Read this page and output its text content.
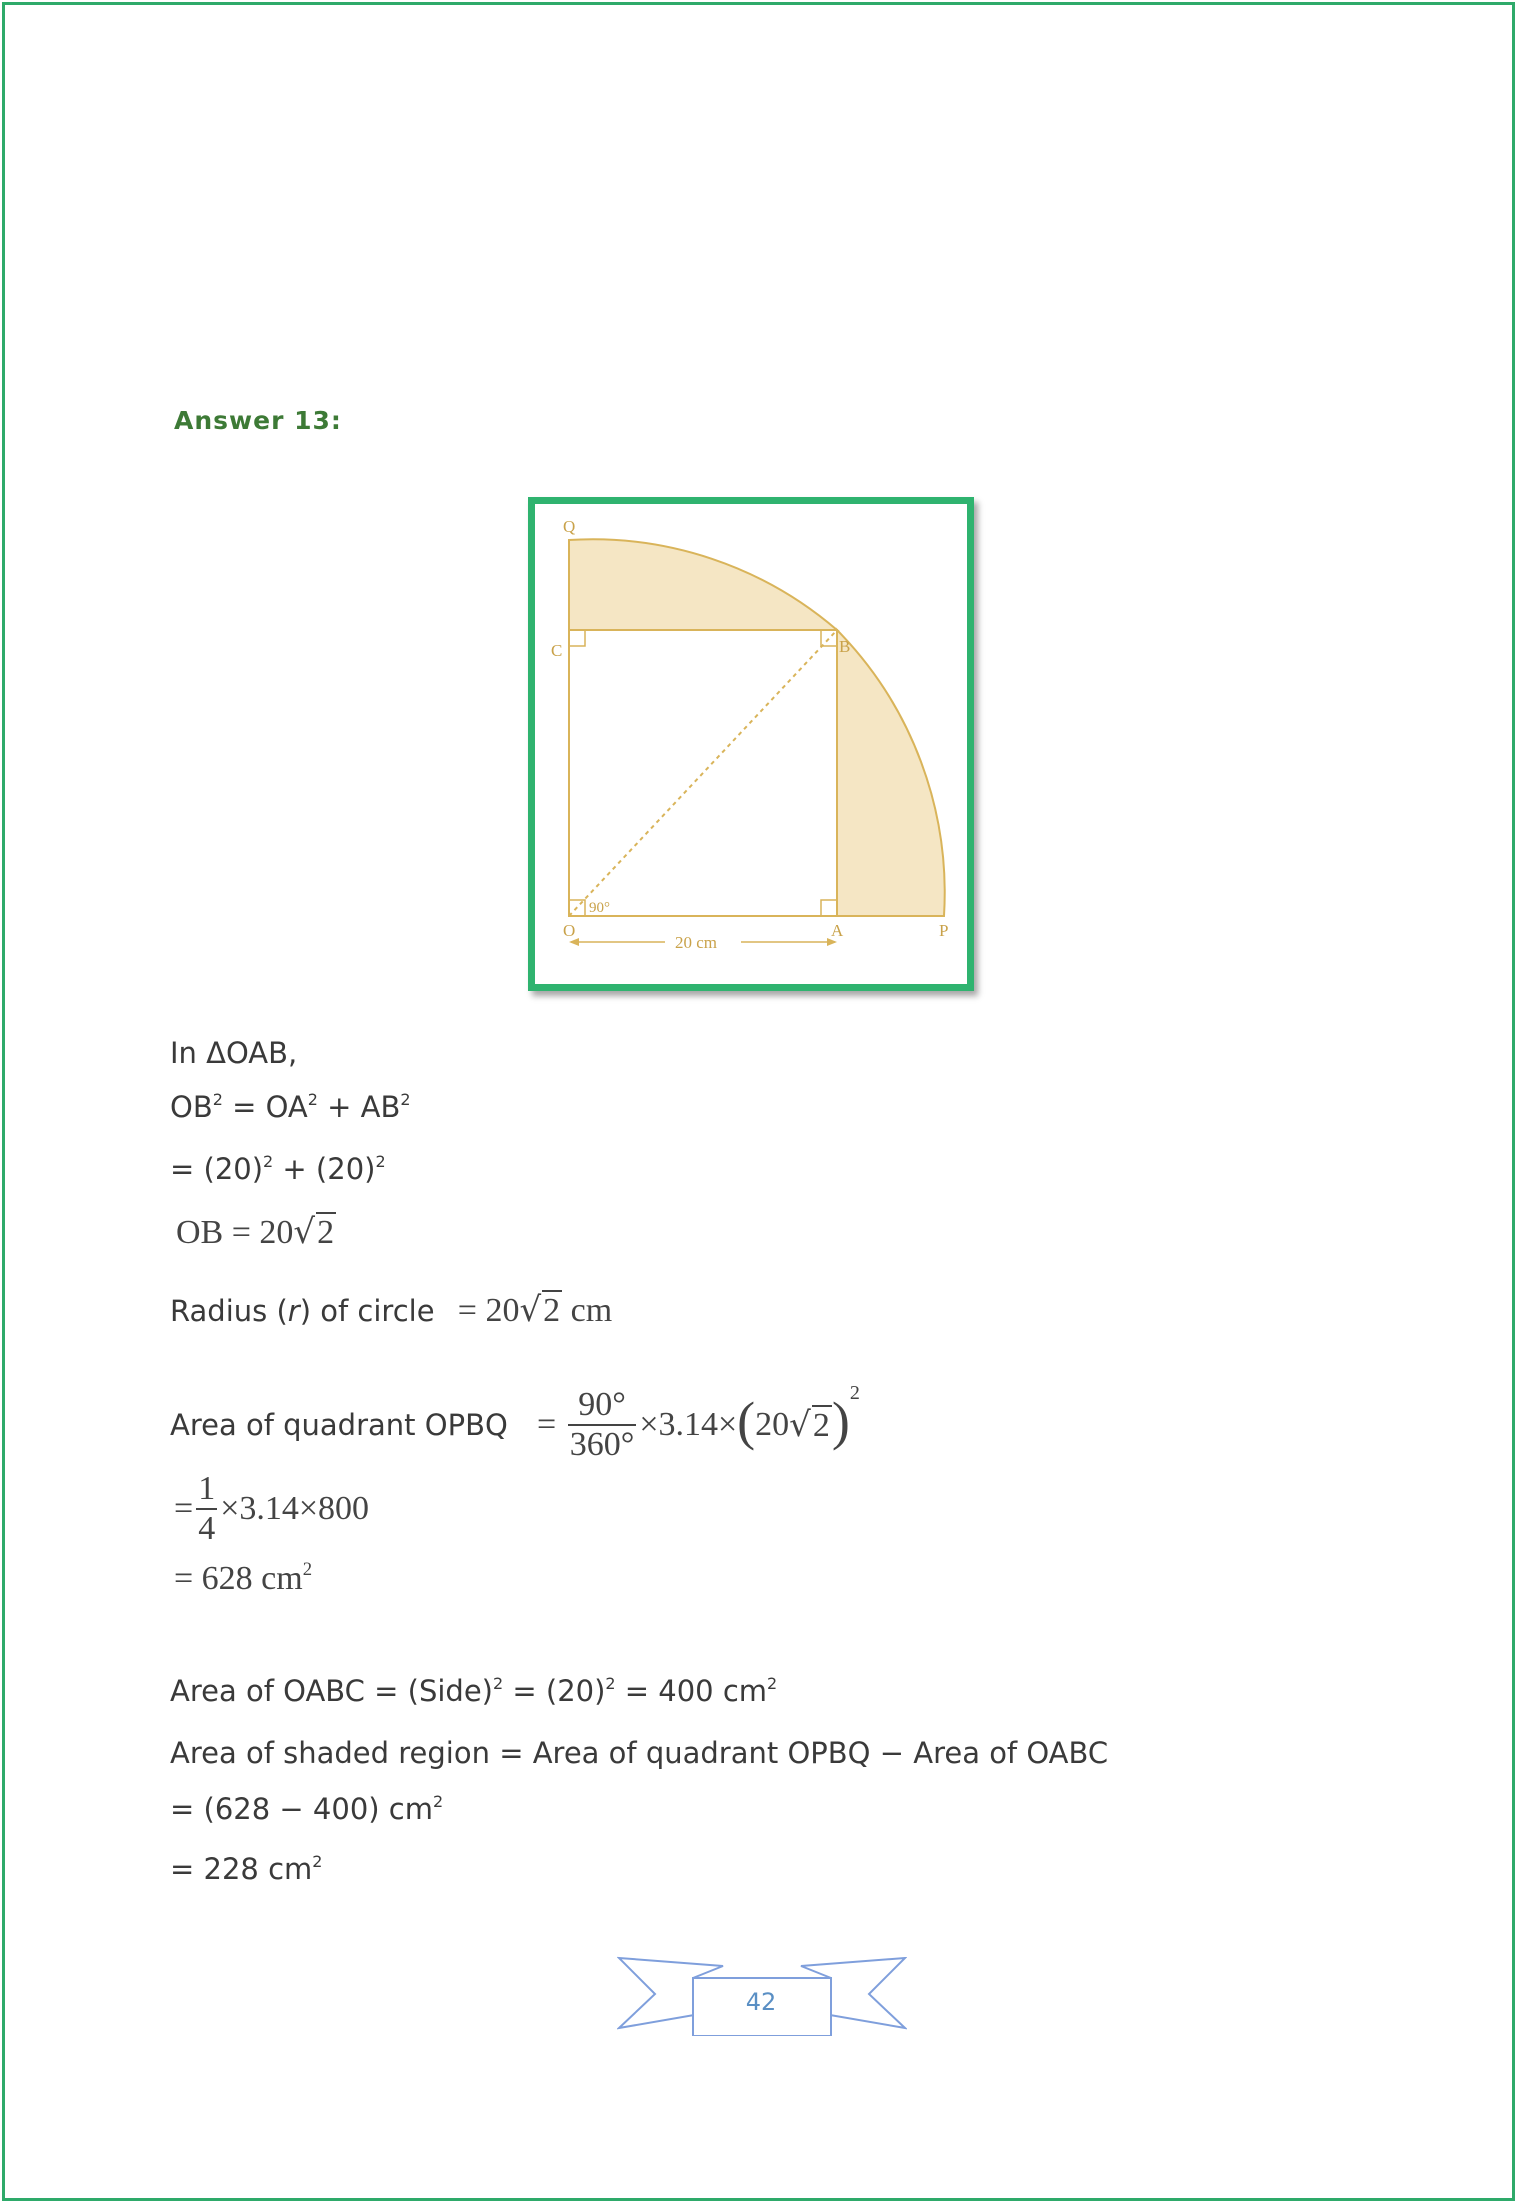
Answer 13:
Q
C	B
O	A	P
90°
20 cm
In ΔOAB,
$OB^2 = OA^2 + AB^2$
= $(20)^2 + (20)^2$
OB = 20√2
Radius (r) of circle = 20√2 cm
Area of quadrant OPBQ = $\frac{90^\circ}{360^\circ} \times 3.14\times(20√2)^2$
= $\frac{1}{4} \times 3.14\times 800$
= 628 $cm^2$
Area of OABC = (Side)$^2$ = $(20)^2 = 400$ $cm^2$
Area of shaded region = Area of quadrant OPBQ − Area of OABC
= (628 − 400) $cm^2$
= 228 $cm^2$
42
